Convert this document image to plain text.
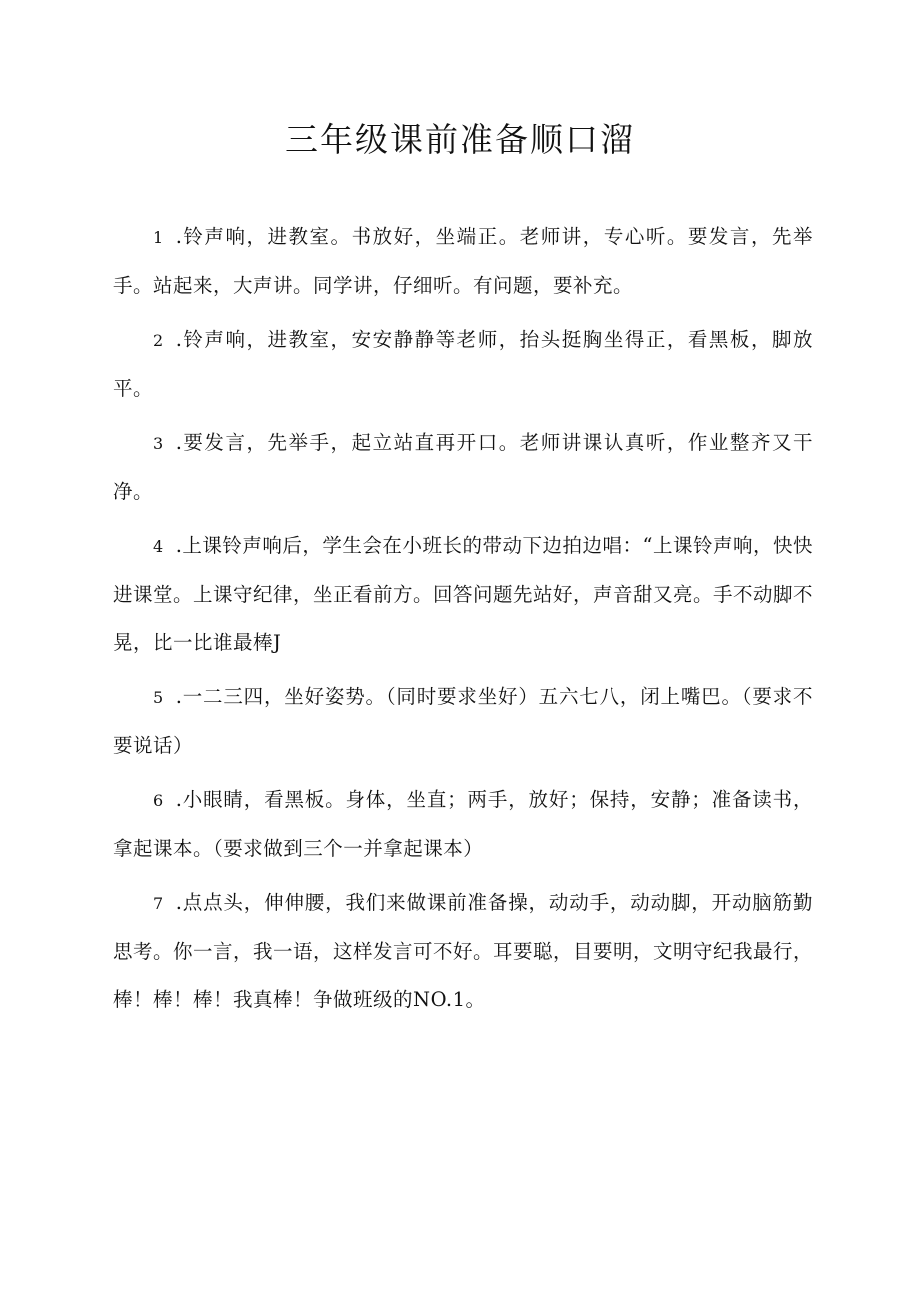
三年级课前准备顺口溜

1 .铃声响，进教室。书放好，坐端正。老师讲，专心听。要发言，先举手。站起来，大声讲。同学讲，仔细听。有问题，要补充。

2 .铃声响，进教室，安安静静等老师，抬头挺胸坐得正，看黑板，脚放平。

3 .要发言，先举手，起立站直再开口。老师讲课认真听，作业整齐又干净。

4 .上课铃声响后，学生会在小班长的带动下边拍边唱：“上课铃声响，快快进课堂。上课守纪律，坐正看前方。回答问题先站好，声音甜又亮。手不动脚不晃，比一比谁最棒J

5 .一二三四，坐好姿势。（同时要求坐好）五六七八，闭上嘴巴。（要求不要说话）

6 .小眼睛，看黑板。身体，坐直；两手，放好；保持，安静；准备读书，拿起课本。（要求做到三个一并拿起课本）

7 .点点头，伸伸腰，我们来做课前准备操，动动手，动动脚，开动脑筋勤思考。你一言，我一语，这样发言可不好。耳要聪，目要明，文明守纪我最行，棒！棒！棒！我真棒！争做班级的NO.1。
